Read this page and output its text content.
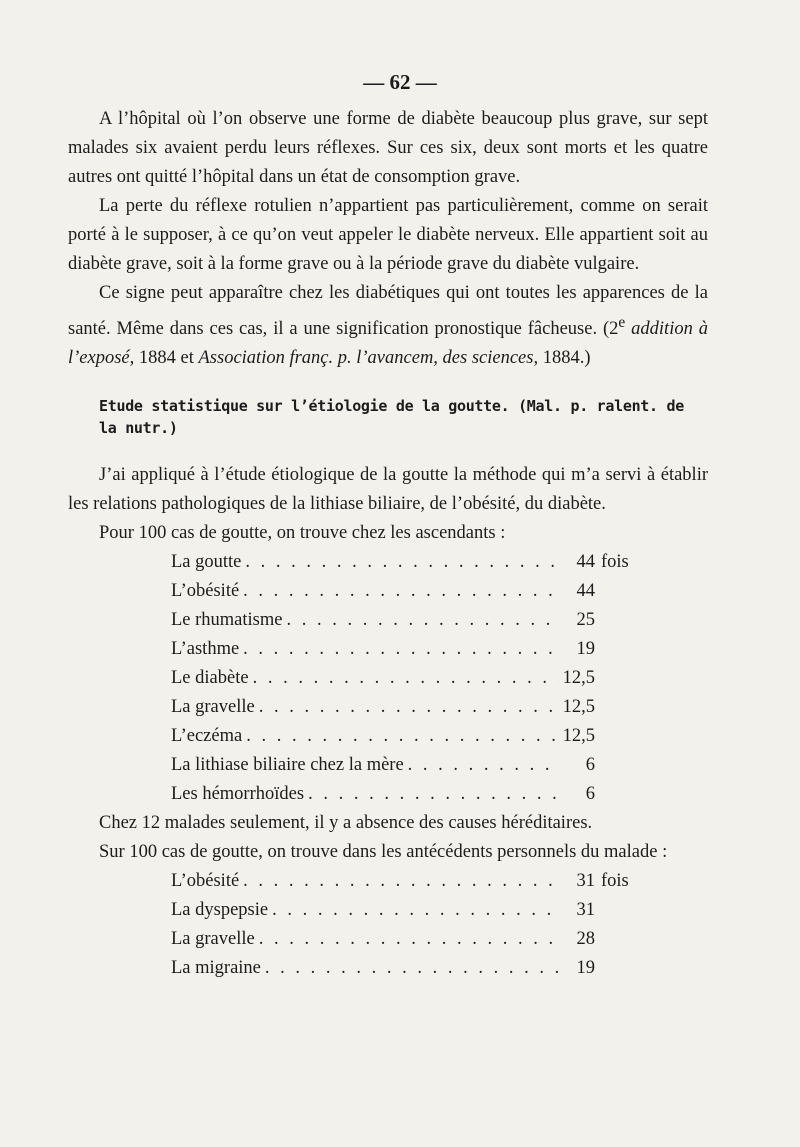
— 62 —

A l’hôpital où l’on observe une forme de diabète beaucoup plus grave, sur sept malades six avaient perdu leurs réflexes. Sur ces six, deux sont morts et les quatre autres ont quitté l’hôpital dans un état de consomption grave.

La perte du réflexe rotulien n’appartient pas particulièrement, comme on serait porté à le supposer, à ce qu’on veut appeler le diabète nerveux. Elle appartient soit au diabète grave, soit à la forme grave ou à la période grave du diabète vulgaire.

Ce signe peut apparaître chez les diabétiques qui ont toutes les apparences de la santé. Même dans ces cas, il a une signification pronostique fâcheuse. (2e addition à l’exposé, 1884 et Association franç. p. l’avancem, des sciences, 1884.)

Etude statistique sur l’étiologie de la goutte. (Mal. p. ralent. de la nutr.)

J’ai appliqué à l’étude étiologique de la goutte la méthode qui m’a servi à établir les relations pathologiques de la lithiase biliaire, de l’obésité, du diabète.

Pour 100 cas de goutte, on trouve chez les ascendants :

La goutte . . .	44 fois
L’obésité . . .	44
Le rhumatisme . . .	25
L’asthme . . .	19
Le diabète . . .	12,5
La gravelle . . .	12,5
L’eczéma . . .	12,5
La lithiase biliaire chez la mère . . .	6
Les hémorrhoïdes . . .	6

Chez 12 malades seulement, il y a absence des causes héréditaires.

Sur 100 cas de goutte, on trouve dans les antécédents personnels du malade :

L’obésité . . .	31 fois
La dyspepsie . . .	31
La gravelle . . .	28
La migraine . . .	19
